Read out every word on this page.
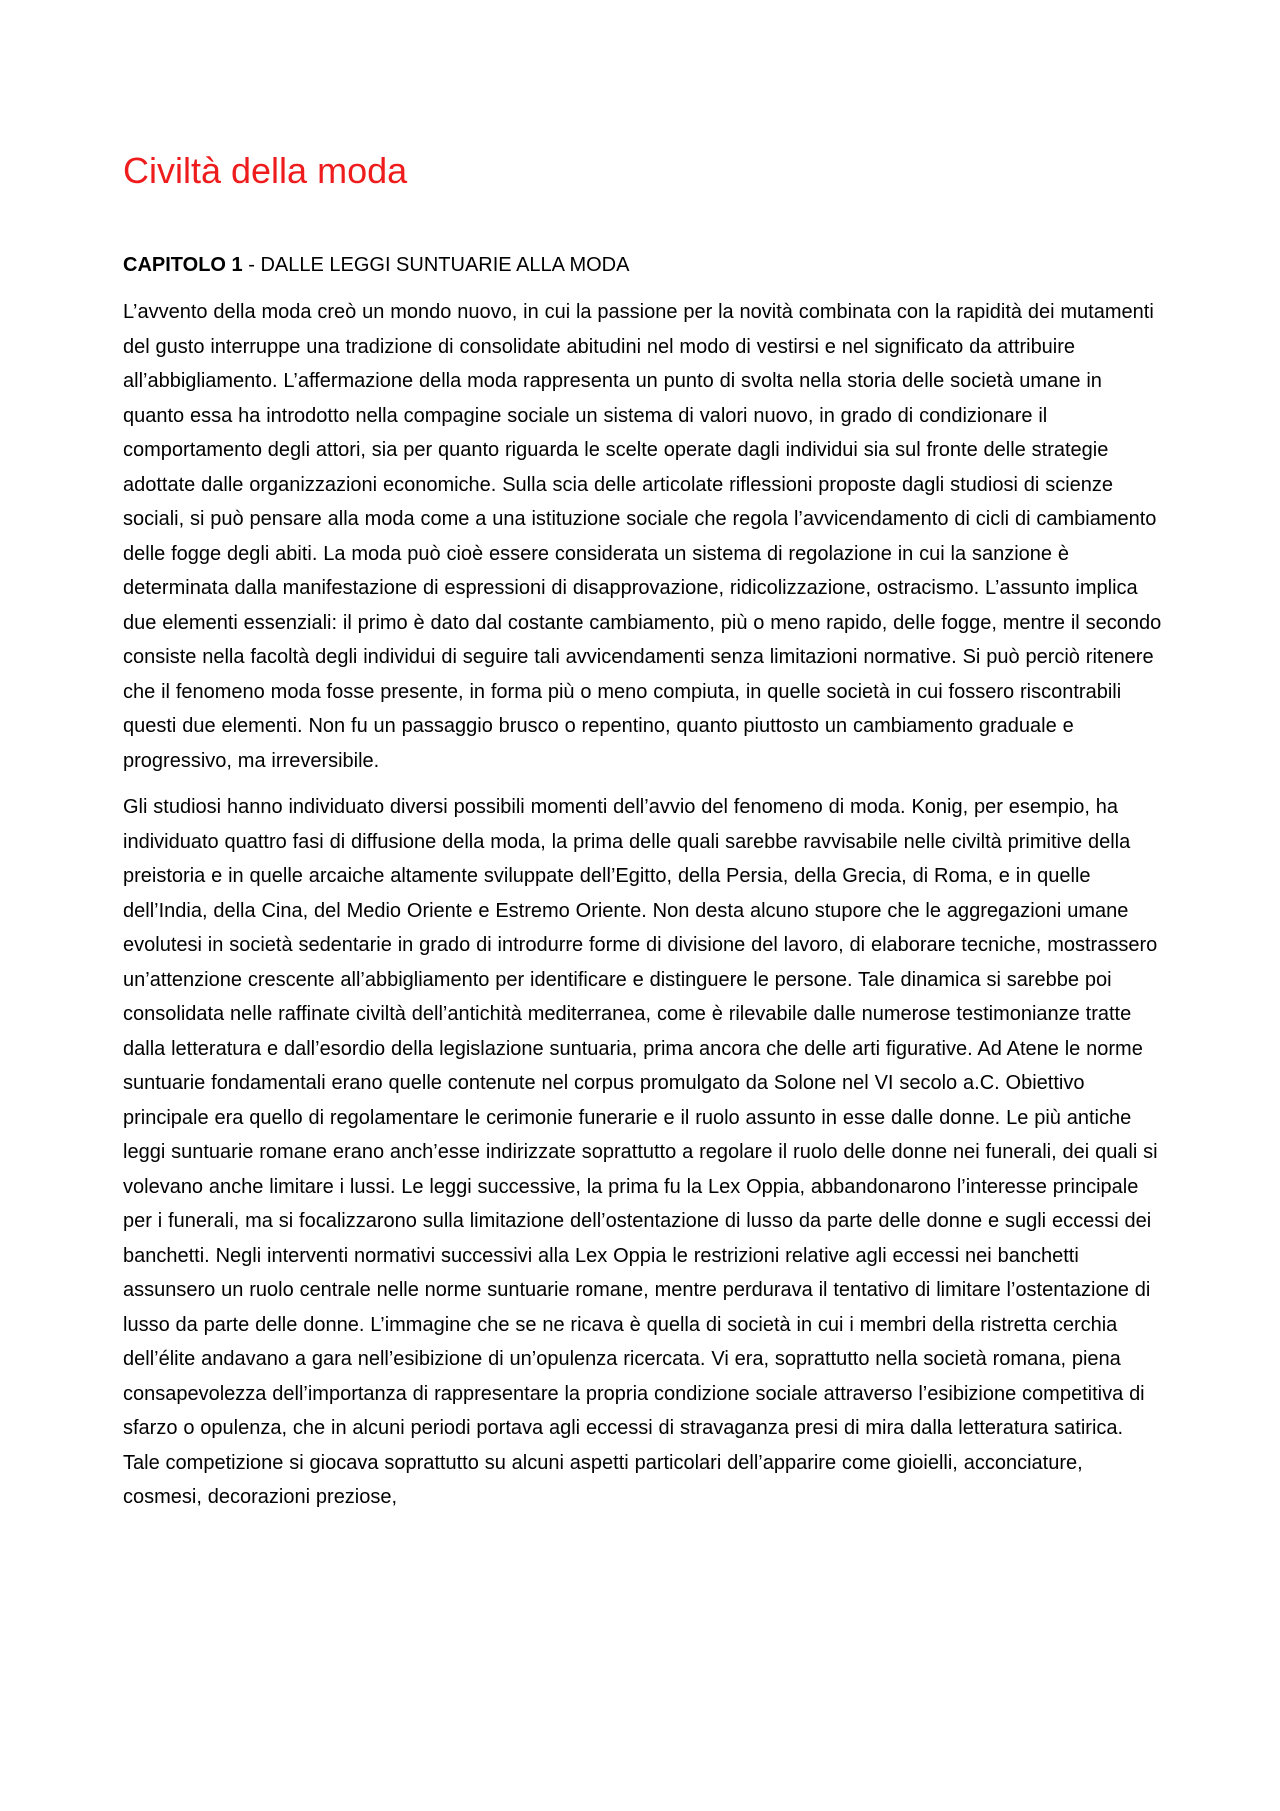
Civiltà della moda
CAPITOLO 1 - DALLE LEGGI SUNTUARIE ALLA MODA

L’avvento della moda creò un mondo nuovo, in cui la passione per la novità combinata con la rapidità dei mutamenti del gusto interruppe una tradizione di consolidate abitudini nel modo di vestirsi e nel significato da attribuire all’abbigliamento. L’affermazione della moda rappresenta un punto di svolta nella storia delle società umane in quanto essa ha introdotto nella compagine sociale un sistema di valori nuovo, in grado di condizionare il comportamento degli attori, sia per quanto riguarda le scelte operate dagli individui sia sul fronte delle strategie adottate dalle organizzazioni economiche. Sulla scia delle articolate riflessioni proposte dagli studiosi di scienze sociali, si può pensare alla moda come a una istituzione sociale che regola l’avvicendamento di cicli di cambiamento delle fogge degli abiti. La moda può cioè essere considerata un sistema di regolazione in cui la sanzione è determinata dalla manifestazione di espressioni di disapprovazione, ridicolizzazione, ostracismo. L’assunto implica due elementi essenziali: il primo è dato dal costante cambiamento, più o meno rapido, delle fogge, mentre il secondo consiste nella facoltà degli individui di seguire tali avvicendamenti senza limitazioni normative. Si può perciò ritenere che il fenomeno moda fosse presente, in forma più o meno compiuta, in quelle società in cui fossero riscontrabili questi due elementi. Non fu un passaggio brusco o repentino, quanto piuttosto un cambiamento graduale e progressivo, ma irreversibile.

Gli studiosi hanno individuato diversi possibili momenti dell’avvio del fenomeno di moda. Konig, per esempio, ha individuato quattro fasi di diffusione della moda, la prima delle quali sarebbe ravvisabile nelle civiltà primitive della preistoria e in quelle arcaiche altamente sviluppate dell’Egitto, della Persia, della Grecia, di Roma, e in quelle dell’India, della Cina, del Medio Oriente e Estremo Oriente. Non desta alcuno stupore che le aggregazioni umane evolutesi in società sedentarie in grado di introdurre forme di divisione del lavoro, di elaborare tecniche, mostrassero un’attenzione crescente all’abbigliamento per identificare e distinguere le persone. Tale dinamica si sarebbe poi consolidata nelle raffinate civiltà dell’antichità mediterranea, come è rilevabile dalle numerose testimonianze tratte dalla letteratura e dall’esordio della legislazione suntuaria, prima ancora che delle arti figurative. Ad Atene le norme suntuarie fondamentali erano quelle contenute nel corpus promulgato da Solone nel VI secolo a.C. Obiettivo principale era quello di regolamentare le cerimonie funerarie e il ruolo assunto in esse dalle donne. Le più antiche leggi suntuarie romane erano anch’esse indirizzate soprattutto a regolare il ruolo delle donne nei funerali, dei quali si volevano anche limitare i lussi. Le leggi successive, la prima fu la Lex Oppia, abbandonarono l’interesse principale per i funerali, ma si focalizzarono sulla limitazione dell’ostentazione di lusso da parte delle donne e sugli eccessi dei banchetti. Negli interventi normativi successivi alla Lex Oppia le restrizioni relative agli eccessi nei banchetti assunsero un ruolo centrale nelle norme suntuarie romane, mentre perdurava il tentativo di limitare l’ostentazione di lusso da parte delle donne. L’immagine che se ne ricava è quella di società in cui i membri della ristretta cerchia dell’élite andavano a gara nell’esibizione di un’opulenza ricercata. Vi era, soprattutto nella società romana, piena consapevolezza dell’importanza di rappresentare la propria condizione sociale attraverso l’esibizione competitiva di sfarzo o opulenza, che in alcuni periodi portava agli eccessi di stravaganza presi di mira dalla letteratura satirica. Tale competizione si giocava soprattutto su alcuni aspetti particolari dell’apparire come gioielli, acconciature, cosmesi, decorazioni preziose,
